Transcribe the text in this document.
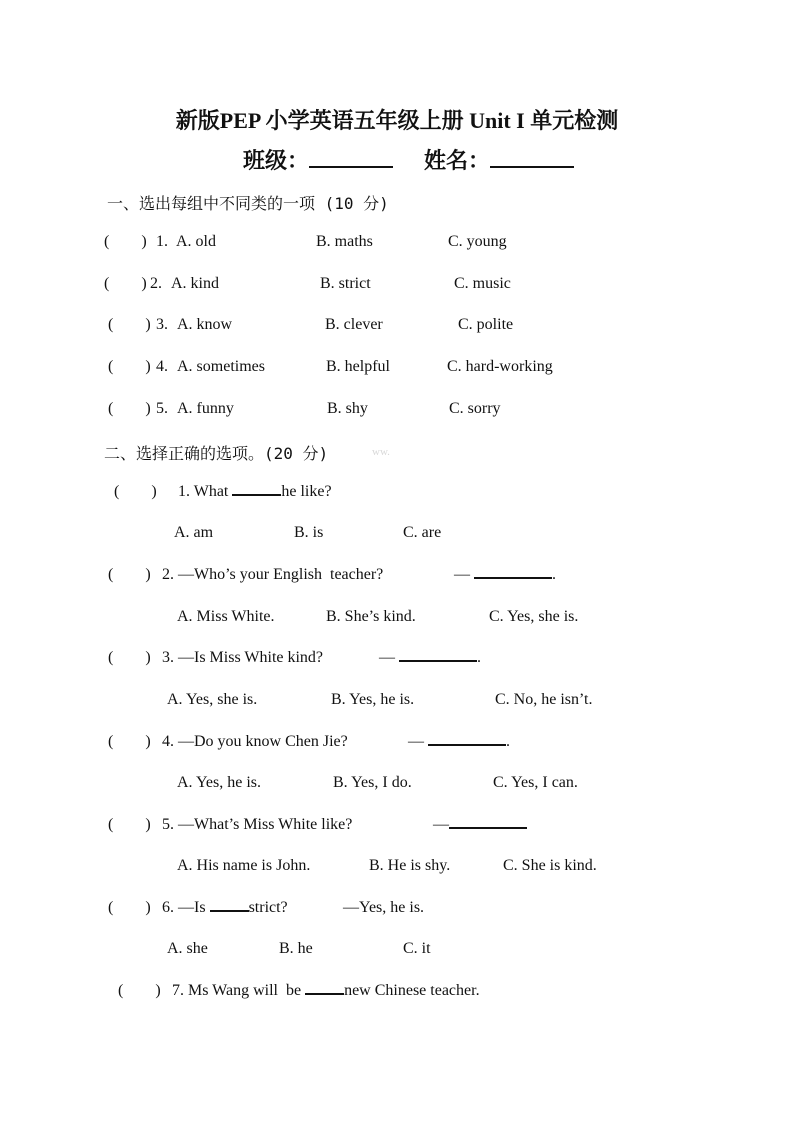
新版PEP 小学英语五年级上册 Unit I 单元检测
班级：	姓名：
一、选出每组中不同类的一项 (10 分)
(        ) 1. A. old	B. maths	C. young
(        ) 2. A. kind	B. strict	C. music
(        ) 3. A. know	B. clever	C. polite
(        ) 4. A. sometimes	B. helpful	C. hard-working
(        ) 5. A. funny	B. shy	C. sorry
二、选择正确的选项。(20 分)	ww.
(        ) 1. What	he like?
A. am	B. is	C. are
(        ) 2. —Who’s your English  teacher?	—	.
A. Miss White.	B. She’s kind.	C. Yes, she is.
(        ) 3. —Is Miss White kind?	—	.
A. Yes, she is.	B. Yes, he is.	C. No, he isn’t.
(        ) 4. —Do you know Chen Jie?	—	.
A. Yes, he is.	B. Yes, I do.	C. Yes, I can.
(        ) 5. —What’s Miss White like?	—
A. His name is John.	B. He is shy.	C. She is kind.
(        ) 6. —Is strict?	—Yes, he is.
A. she	B. he	C. it
(        ) 7. Ms Wang will  be new Chinese teacher.
